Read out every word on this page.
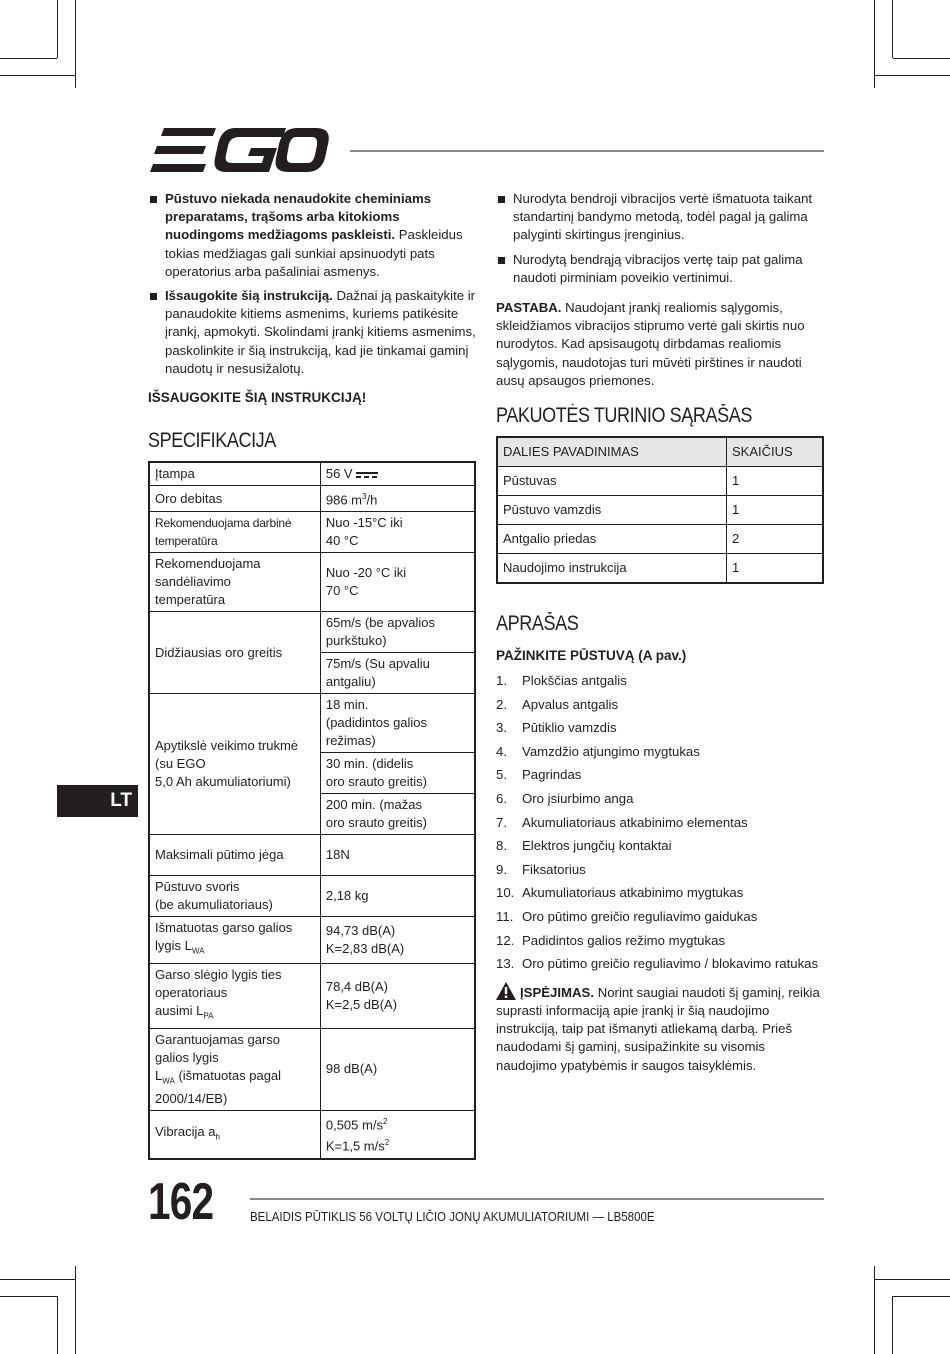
Pūstuvo niekada nenaudokite cheminiams preparatams, trąšoms arba kitokioms nuodingoms medžiagoms paskleisti. Paskleidus tokias medžiagas gali sunkiai apsinuodyti pats operatorius arba pašaliniai asmenys.
Išsaugokite šią instrukciją. Dažnai ją paskaitykite ir panaudokite kitiems asmenims, kuriems patikėsite įrankį, apmokyti. Skolindami įrankį kitiems asmenims, paskolinkite ir šią instrukciją, kad jie tinkamai gaminį naudotų ir nesusižalotų.
IŠSAUGOKITE ŠIĄ INSTRUKCIJĄ!
SPECIFIKACIJA
Įtampa	56 V
Oro debitas	986 $m^3/h$
Rekomenduojama darbinė temperatūra	Nuo -15°C iki
40 °C
Rekomenduojama sandėliavimo
temperatūra	Nuo -20 °C iki
70 °C
Didžiausias oro greitis	65m/s (be apvalios
purkštuko)
	75m/s (Su apvaliu
antgaliu)
Apytikslė veikimo trukmė (su EGO
5,0 Ah akumuliatoriumi)	18 min.
(padidintos galios
režimas)
	30 min. (didelis
oro srauto greitis)
	200 min. (mažas
oro srauto greitis)
Maksimali pūtimo jėga	18N
Pūstuvo svoris
(be akumuliatoriaus)	2,18 kg
Išmatuotas garso galios lygis $L_{WA}$	94,73 dB(A)
K=2,83 dB(A)
Garso slėgio lygis ties operatoriaus
ausimi $L_{PA}$	78,4 dB(A)
K=2,5 dB(A)
Garantuojamas garso galios lygis
$L_{WA}$ (išmatuotas pagal 2000/14/EB)	98 dB(A)
Vibracija $a_h$	0,505 $m/s^2$
K=1,5 $m/s^2$
Nurodyta bendroji vibracijos vertė išmatuota taikant standartinį bandymo metodą, todėl pagal ją galima palyginti skirtingus įrenginius.
Nurodytą bendrąją vibracijos vertę taip pat galima naudoti pirminiam poveikio vertinimui.

PASTABA. Naudojant įrankį realiomis sąlygomis, skleidžiamos vibracijos stiprumo vertė gali skirtis nuo nurodytos. Kad apsisaugotų dirbdamas realiomis sąlygomis, naudotojas turi mūvėti pirštines ir naudoti ausų apsaugos priemones.

PAKUOTĖS TURINIO SĄRAŠAS
DALIES PAVADINIMAS	SKAIČIUS
Pūstuvas	1
Pūstuvo vamzdis	1
Antgalio priedas	2
Naudojimo instrukcija	1
APRAŠAS
PAŽINKITE PŪSTUVĄ (A pav.)
1.	Plokščias antgalis
2.	Apvalus antgalis
3.	Pūtiklio vamzdis
4.	Vamzdžio atjungimo mygtukas
5.	Pagrindas
6.	Oro įsiurbimo anga
7.	Akumuliatoriaus atkabinimo elementas
8.	Elektros jungčių kontaktai
9.	Fiksatorius
10. Akumuliatoriaus atkabinimo mygtukas
11. Oro pūtimo greičio reguliavimo gaidukas
12. Padidintos galios režimo mygtukas
13. Oro pūtimo greičio reguliavimo / blokavimo ratukas

ĮSPĖJIMAS. Norint saugiai naudoti šį gaminį, reikia suprasti informaciją apie įrankį ir šią naudojimo instrukciją, taip pat išmanyti atliekamą darbą. Prieš naudodami šį gaminį, susipažinkite su visomis naudojimo ypatybėmis ir saugos taisyklėmis.

LT
162	BELAIDIS PŪTIKLIS 56 VOLTŲ LIČIO JONŲ AKUMULIATORIUMI — LB5800E
